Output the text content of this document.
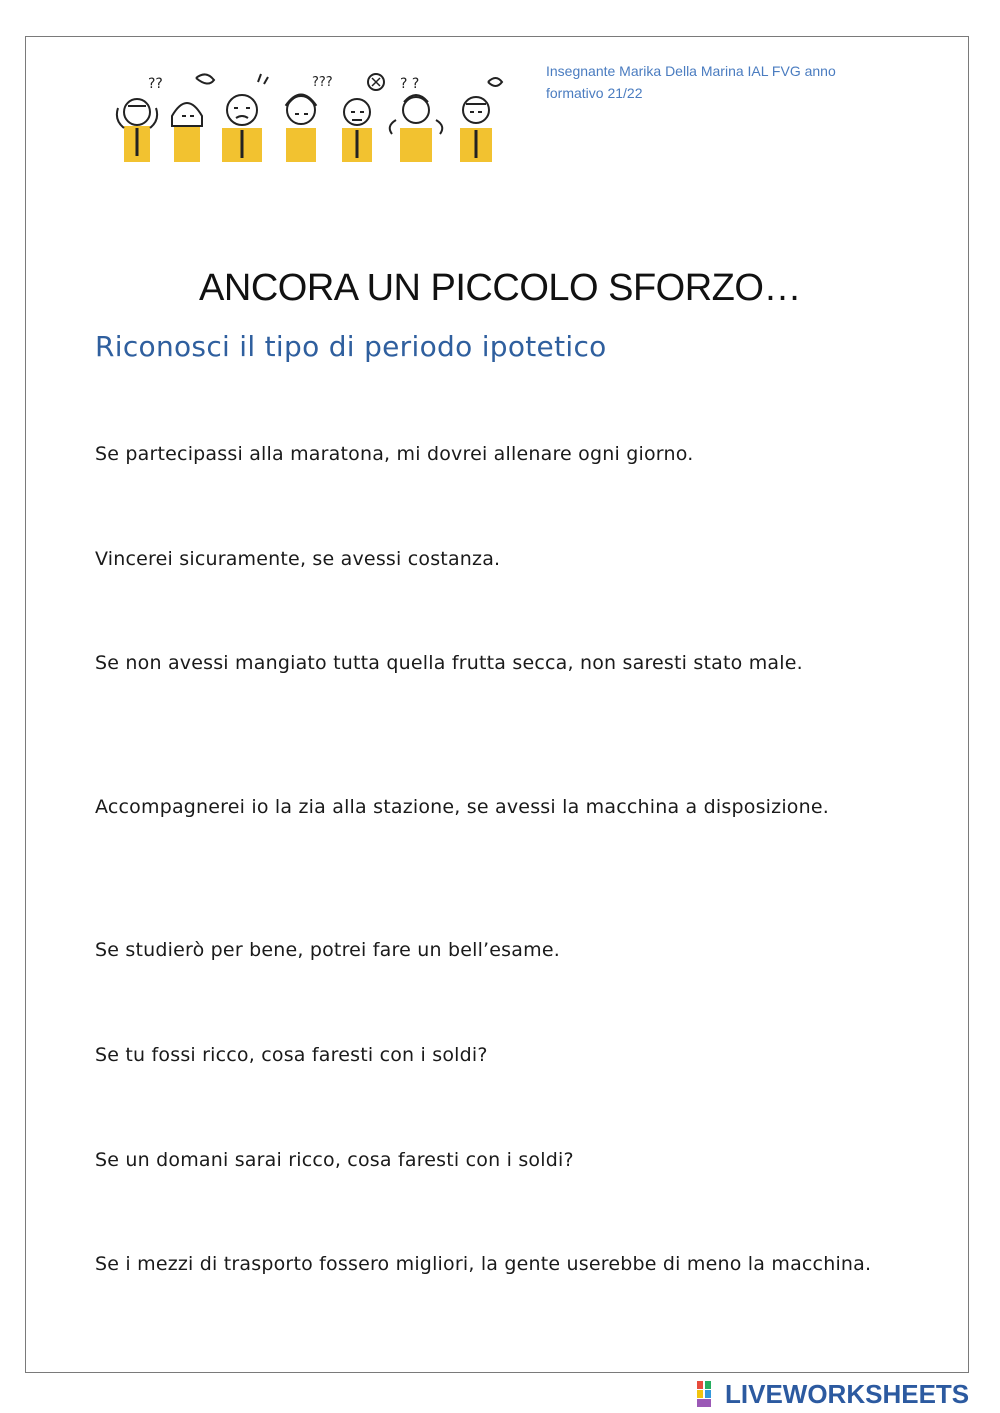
??	???	? ?
Insegnante Marika Della Marina IAL FVG anno formativo 21/22
ANCORA UN PICCOLO SFORZO…
Riconosci il tipo di periodo ipotetico
Se partecipassi alla maratona, mi dovrei allenare ogni giorno.
Vincerei sicuramente, se avessi costanza.
Se non avessi mangiato tutta quella frutta secca, non saresti stato male.
Accompagnerei io la zia alla stazione, se avessi la macchina a disposizione.
Se studierò per bene, potrei fare un bell’esame.
Se tu fossi ricco, cosa faresti con i soldi?
Se un domani sarai ricco, cosa faresti con i soldi?
Se i mezzi di trasporto fossero migliori, la gente userebbe di meno la macchina.
LIVEWORKSHEETS
